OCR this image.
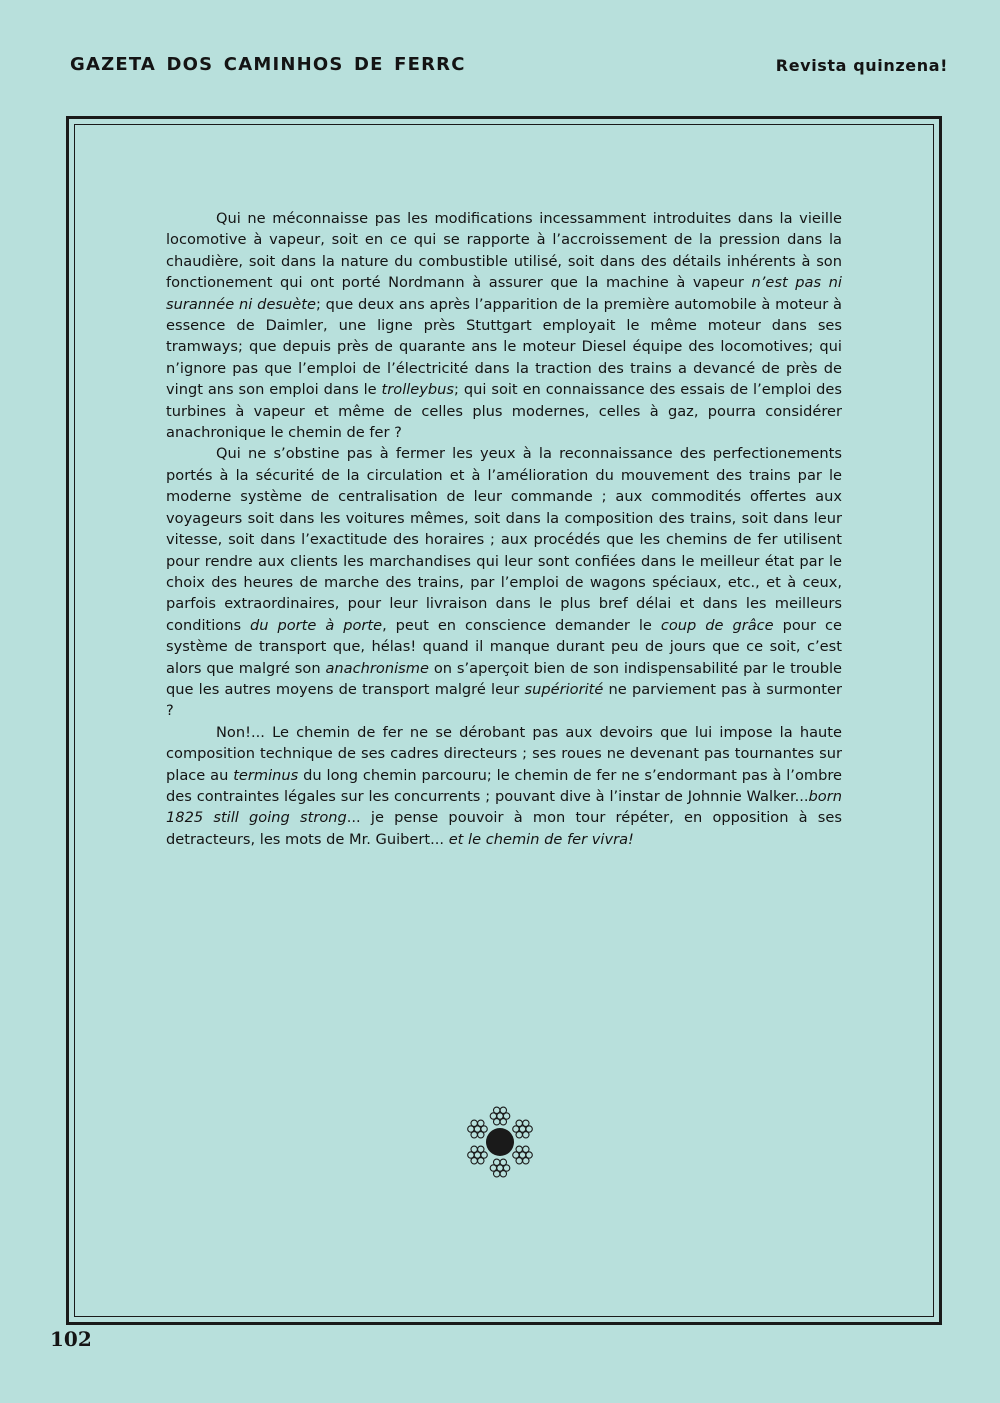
GAZETA DOS CAMINHOS DE FERRC	Revista quinzena!

Qui ne méconnaisse pas les modifications incessamment introduites dans la vieille locomotive à vapeur, soit en ce qui se rapporte à l’accroissement de la pression dans la chaudière, soit dans la nature du combustible utilisé, soit dans des détails inhérents à son fonctionement qui ont porté Nordmann à assurer que la machine à vapeur n’est pas ni surannée ni desuète; que deux ans après l’apparition de la première automobile à moteur à essence de Daimler, une ligne près Stuttgart employait le même moteur dans ses tramways; que depuis près de quarante ans le moteur Diesel équipe des locomotives; qui n’ignore pas que l’emploi de l’électricité dans la traction des trains a devancé de près de vingt ans son emploi dans le trolleybus; qui soit en connaissance des essais de l’emploi des turbines à vapeur et même de celles plus modernes, celles à gaz, pourra considérer anachronique le chemin de fer ?

Qui ne s’obstine pas à fermer les yeux à la reconnaissance des perfectionements portés à la sécurité de la circulation et à l’amélioration du mouvement des trains par le moderne système de centralisation de leur commande ; aux commodités offertes aux voyageurs soit dans les voitures mêmes, soit dans la composition des trains, soit dans leur vitesse, soit dans l’exactitude des horaires ; aux procédés que les chemins de fer utilisent pour rendre aux clients les marchandises qui leur sont confiées dans le meilleur état par le choix des heures de marche des trains, par l’emploi de wagons spéciaux, etc., et à ceux, parfois extraordinaires, pour leur livraison dans le plus bref délai et dans les meilleurs conditions du porte à porte, peut en conscience demander le coup de grâce pour ce système de transport que, hélas! quand il manque durant peu de jours que ce soit, c’est alors que malgré son anachronisme on s’aperçoit bien de son indispensabilité par le trouble que les autres moyens de transport malgré leur supériorité ne parviement pas à surmonter ?

Non!... Le chemin de fer ne se dérobant pas aux devoirs que lui impose la haute composition technique de ses cadres directeurs ; ses roues ne devenant pas tournantes sur place au terminus du long chemin parcouru; le chemin de fer ne s’endormant pas à l’ombre des contraintes légales sur les concurrents ; pouvant dive à l’instar de Johnnie Walker...born 1825 still going strong... je pense pouvoir à mon tour répéter, en opposition à ses detracteurs, les mots de Mr. Guibert... et le chemin de fer vivra!

102
